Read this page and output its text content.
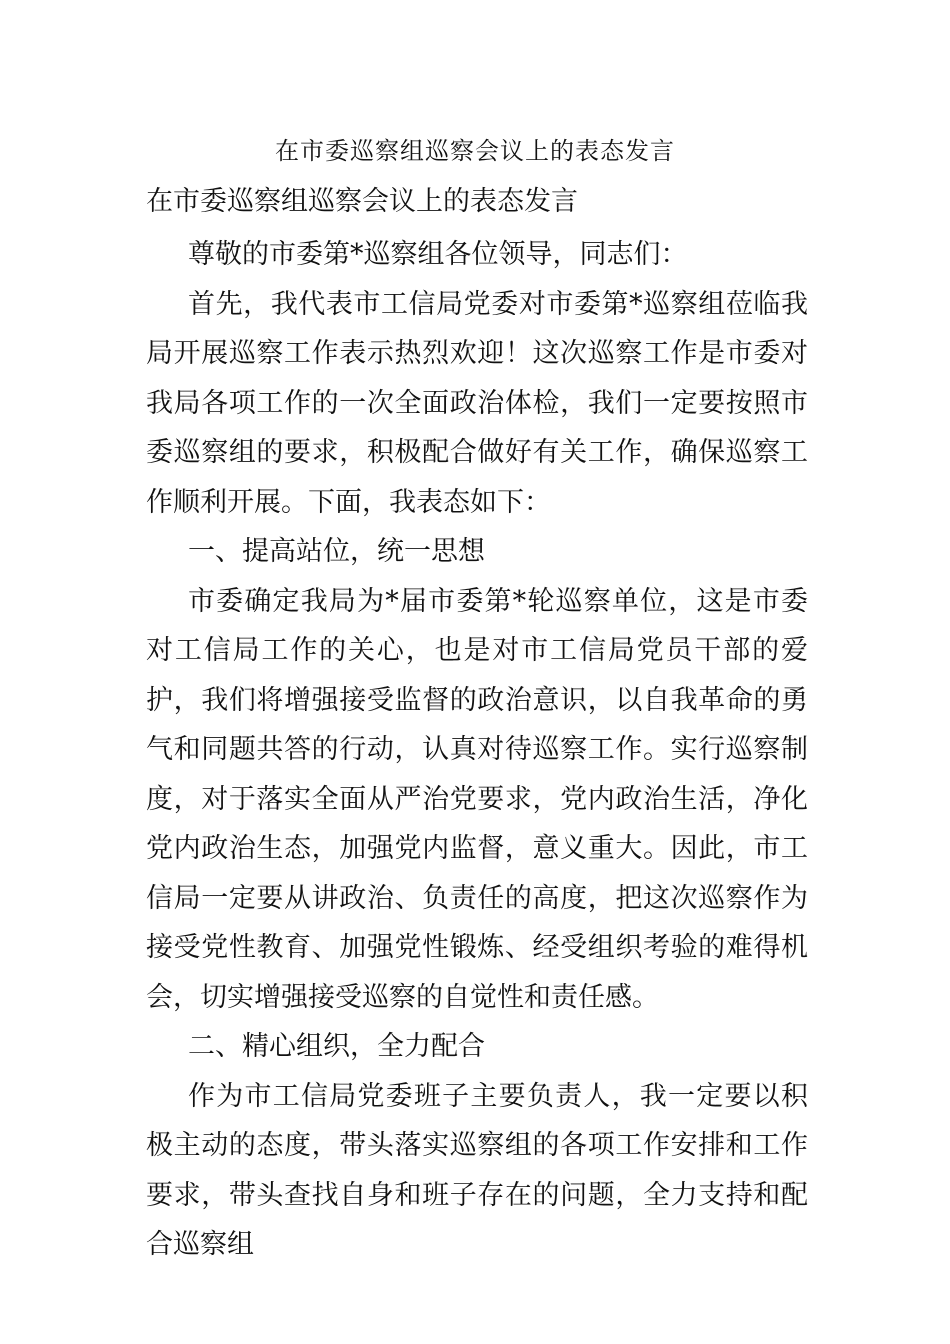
在市委巡察组巡察会议上的表态发言
在市委巡察组巡察会议上的表态发言

尊敬的市委第*巡察组各位领导，同志们：

首先，我代表市工信局党委对市委第*巡察组莅临我局开展巡察工作表示热烈欢迎！这次巡察工作是市委对我局各项工作的一次全面政治体检，我们一定要按照市委巡察组的要求，积极配合做好有关工作，确保巡察工作顺利开展。下面，我表态如下：

一、提高站位，统一思想

市委确定我局为*届市委第*轮巡察单位，这是市委对工信局工作的关心，也是对市工信局党员干部的爱护，我们将增强接受监督的政治意识，以自我革命的勇气和同题共答的行动，认真对待巡察工作。实行巡察制度，对于落实全面从严治党要求，党内政治生活，净化党内政治生态，加强党内监督，意义重大。因此，市工信局一定要从讲政治、负责任的高度，把这次巡察作为接受党性教育、加强党性锻炼、经受组织考验的难得机会，切实增强接受巡察的自觉性和责任感。

二、精心组织，全力配合

作为市工信局党委班子主要负责人，我一定要以积极主动的态度，带头落实巡察组的各项工作安排和工作要求，带头查找自身和班子存在的问题，全力支持和配合巡察组
